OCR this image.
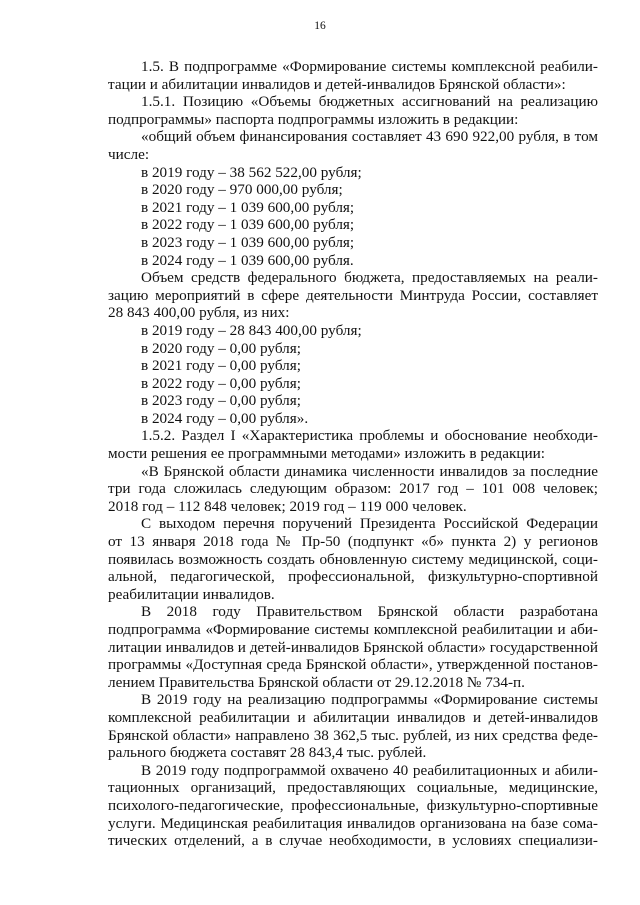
16

1.5. В подпрограмме «Формирование системы комплексной реабили-

тации и абилитации инвалидов и детей-инвалидов Брянской области»:

1.5.1. Позицию «Объемы бюджетных ассигнований на реализацию

подпрограммы» паспорта подпрограммы изложить в редакции:

«общий объем финансирования составляет 43 690 922,00 рубля, в том

числе:

в 2019 году – 38 562 522,00 рубля;

в 2020 году – 970 000,00 рубля;

в 2021 году – 1 039 600,00 рубля;

в 2022 году – 1 039 600,00 рубля;

в 2023 году – 1 039 600,00 рубля;

в 2024 году – 1 039 600,00 рубля.

Объем средств федерального бюджета, предоставляемых на реали-

зацию мероприятий в сфере деятельности Минтруда России, составляет

28 843 400,00 рубля, из них:

в 2019 году – 28 843 400,00 рубля;

в 2020 году – 0,00 рубля;

в 2021 году – 0,00 рубля;

в 2022 году – 0,00 рубля;

в 2023 году – 0,00 рубля;

в 2024 году – 0,00 рубля».

1.5.2. Раздел I «Характеристика проблемы и обоснование необходи-

мости решения ее программными методами» изложить в редакции:

«В Брянской области динамика численности инвалидов за последние

три года сложилась следующим образом: 2017 год – 101 008 человек;

2018 год – 112 848 человек; 2019 год – 119 000 человек.

С выходом перечня поручений Президента Российской Федерации

от 13 января 2018 года № Пр-50 (подпункт «б» пункта 2) у регионов

появилась возможность создать обновленную систему медицинской, соци-

альной, педагогической, профессиональной, физкультурно-спортивной

реабилитации инвалидов.

В 2018 году Правительством Брянской области разработана

подпрограмма «Формирование системы комплексной реабилитации и аби-

литации инвалидов и детей-инвалидов Брянской области» государственной

программы «Доступная среда Брянской области», утвержденной постанов-

лением Правительства Брянской области от 29.12.2018 № 734-п.

В 2019 году на реализацию подпрограммы «Формирование системы

комплексной реабилитации и абилитации инвалидов и детей-инвалидов

Брянской области» направлено 38 362,5 тыс. рублей, из них средства феде-

рального бюджета составят 28 843,4 тыс. рублей.

В 2019 году подпрограммой охвачено 40 реабилитационных и абили-

тационных организаций, предоставляющих социальные, медицинские,

психолого-педагогические, профессиональные, физкультурно-спортивные

услуги. Медицинская реабилитация инвалидов организована на базе сома-

тических отделений, а в случае необходимости, в условиях специализи-
